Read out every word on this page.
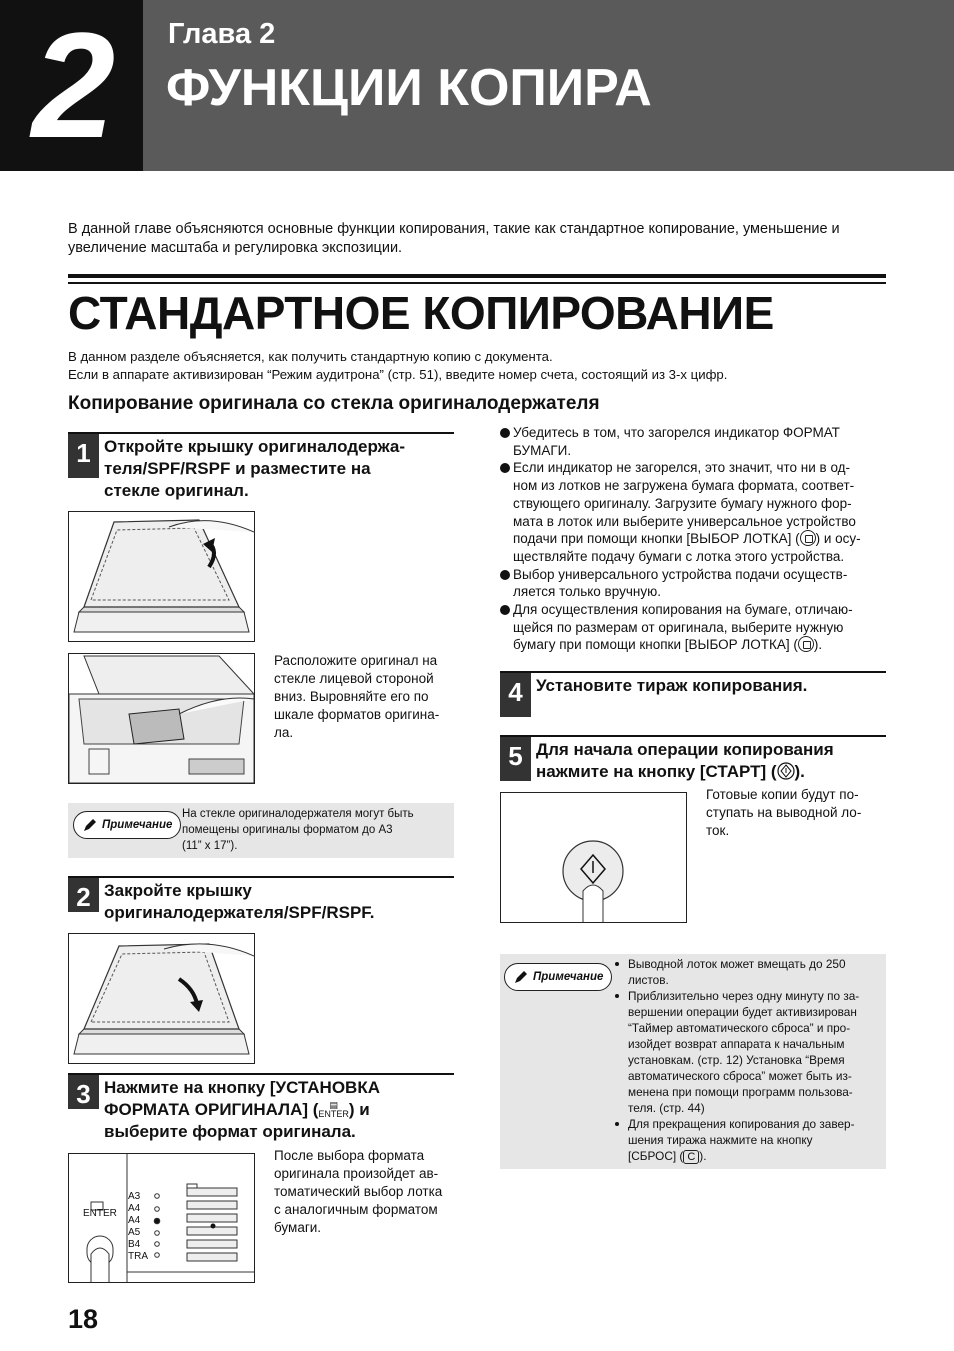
2	Глава 2
ФУНКЦИИ КОПИРА
В данной главе объясняются основные функции копирования, такие как стандартное копирование, уменьшение и увеличение масштаба и регулировка экспозиции.
СТАНДАРТНОЕ КОПИРОВАНИЕ
В данном разделе объясняется, как получить стандартную копию с документа.
Если в аппарате активизирован “Режим аудитрона” (стр. 51), введите номер счета, состоящий из 3-х цифр.
Копирование оригинала со стекла оригиналодержателя
1 Откройте крышку оригиналодержа-
теля/SPF/RSPF и разместите на
стекле оригинал.
Расположите оригинал на
стекле лицевой стороной
вниз. Выровняйте его по
шкале форматов оригина-
ла.
Примечание
На стекле оригиналодержателя могут быть
помещены оригиналы форматом до А3
(11” x 17”).
2 Закройте крышку
оригиналодержателя/SPF/RSPF.
3 Нажмите на кнопку [УСТАНОВКА
ФОРМАТА ОРИГИНАЛА] ( ▤
ENTER) и
выберите формат оригинала.
ENTER
A3
A4
A4
A5
B4
TRA
После выбора формата
оригинала произойдет ав-
томатический выбор лотка
с аналогичным форматом
бумаги.
Убедитесь в том, что загорелся индикатор ФОРМАТ
БУМАГИ.
Если индикатор не загорелся, это значит, что ни в од-
ном из лотков не загружена бумага формата, соответ-
ствующего оригиналу. Загрузите бумагу нужного фор-
мата в лоток или выберите универсальное устройство
подачи при помощи кнопки [ВЫБОР ЛОТКА] ( ) и осу-
ществляйте подачу бумаги с лотка этого устройства.
Выбор универсального устройства подачи осуществ-
ляется только вручную.
Для осуществления копирования на бумаге, отличаю-
щейся по размерам от оригинала, выберите нужную
бумагу при помощи кнопки [ВЫБОР ЛОТКА] ( ).
4 Установите тираж копирования.
5 Для начала операции копирования
нажмите на кнопку [СТАРТ] ( ).
Готовые копии будут по-
ступать на выводной ло-
ток.
Примечание
Выводной лоток может вмещать до 250
листов.
Приблизительно через одну минуту по за-
вершении операции будет активизирован
“Таймер автоматического сброса” и про-
изойдет возврат аппарата к начальным
установкам. (стр. 12) Установка “Время
автоматического сброса” может быть из-
менена при помощи программ пользова-
теля. (стр. 44)
Для прекращения копирования до завер-
шения тиража нажмите на кнопку
[СБРОС] ( C ).
18
